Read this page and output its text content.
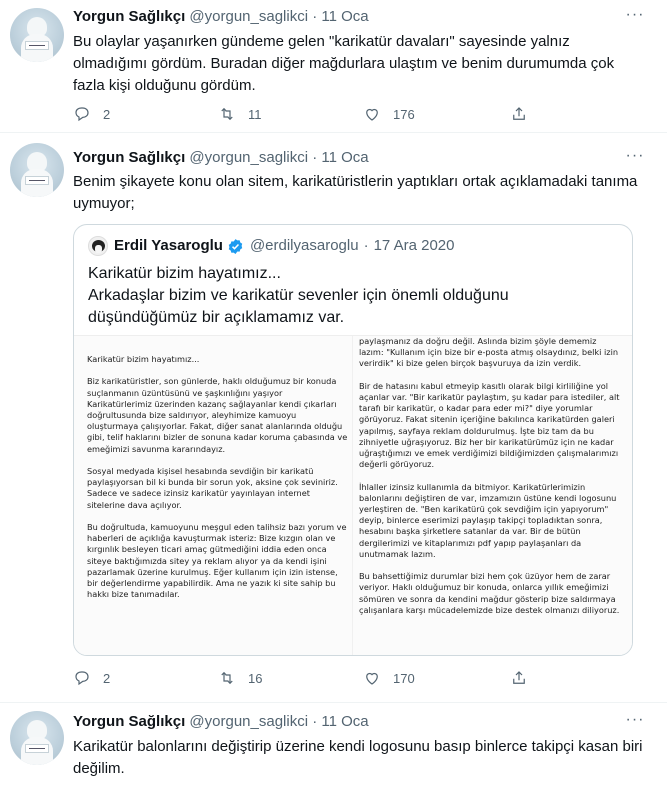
Yorgun Sağlıkçı @yorgun_saglikci · 11 Oca	···
Bu olaylar yaşanırken gündeme gelen "karikatür davaları" sayesinde yalnız olmadığımı gördüm. Buradan diğer mağdurlara ulaştım ve benim durumumda çok fazla kişi olduğunu gördüm.
2	11	176
Yorgun Sağlıkçı @yorgun_saglikci · 11 Oca	···
Benim şikayete konu olan sitem, karikatüristlerin yaptıkları ortak açıklamadaki tanıma uymuyor;
Erdil Yasaroglu @erdilyasaroglu · 17 Ara 2020
Karikatür bizim hayatımız...
Arkadaşlar bizim ve karikatür sevenler için önemli olduğunu düşündüğümüz bir açıklamamız var.
Karikatür bizim hayatımız...

Biz karikatüristler, son günlerde, haklı olduğumuz bir konuda suçlanmanın üzüntüsünü ve şaşkınlığını yaşıyor Karikatürlerimiz üzerinden kazanç sağlayanlar kendi çıkarları doğrultusunda bize saldırıyor, aleyhimize kamuoyu oluşturmaya çalışıyorlar. Fakat, diğer sanat alanlarında olduğu gibi, telif haklarını bizler de sonuna kadar koruma çabasında ve emeğimizi savunma kararındayız.

Sosyal medyada kişisel hesabında sevdiğin bir karikatü paylaşıyorsan bil ki bunda bir sorun yok, aksine çok seviniriz. Sadece ve sadece izinsiz karikatür yayınlayan internet sitelerine dava açılıyor.

Bu doğrultuda, kamuoyunu meşgul eden talihsiz bazı yorum ve haberleri de açıklığa kavuşturmak isteriz: Bize kızgın olan ve kırgınlık besleyen ticari amaç gütmediğini iddia eden onca siteye baktığımızda sitey ya reklam alıyor ya da kendi işini pazarlamak üzerine kurulmuş. Eğer kullanım için izin istense, bir değerlendirme yapabilirdik. Ama ne yazık ki site sahip bu hakkı bize tanımadılar.
paylaşmanız da doğru değil. Aslında bizim şöyle dememiz lazım: "Kullanım için bize bir e-posta atmış olsaydınız, belki izin verirdik" ki bize gelen birçok başvuruya da izin verdik.

Bir de hatasını kabul etmeyip kasıtlı olarak bilgi kirliliğine yol açanlar var. "Bir karikatür paylaştım, şu kadar para istediler, alt tarafı bir karikatür, o kadar para eder mi?" diye yorumlar görüyoruz. Fakat sitenin içeriğine bakılınca karikatürden galeri yapılmış, sayfaya reklam doldurulmuş. İşte biz tam da bu zihniyetle uğraşıyoruz. Biz her bir karikatürümüz için ne kadar uğraştığımızı ve emek verdiğimizi bildiğimizden çalışmalarımızı değerli görüyoruz.

İhlaller izinsiz kullanımla da bitmiyor. Karikatürlerimizin balonlarını değiştiren de var, imzamızın üstüne kendi logosunu yerleştiren de. "Ben karikatürü çok sevdiğim için yapıyorum" deyip, binlerce eserimizi paylaşıp takipçi topladıktan sonra, hesabını başka şirketlere satanlar da var. Bir de bütün dergilerimizi ve kitaplarımızı pdf yapıp paylaşanları da unutmamak lazım.

Bu bahsettiğimiz durumlar bizi hem çok üzüyor hem de zarar veriyor. Haklı olduğumuz bir konuda, onlarca yıllık emeğimizi sömüren ve sonra da kendini mağdur gösterip bize saldırmaya çalışanlara karşı mücadelemizde bize destek olmanızı diliyoruz.
2	16	170
Yorgun Sağlıkçı @yorgun_saglikci · 11 Oca	···
Karikatür balonlarını değiştirip üzerine kendi logosunu basıp binlerce takipçi kasan biri değilim.
